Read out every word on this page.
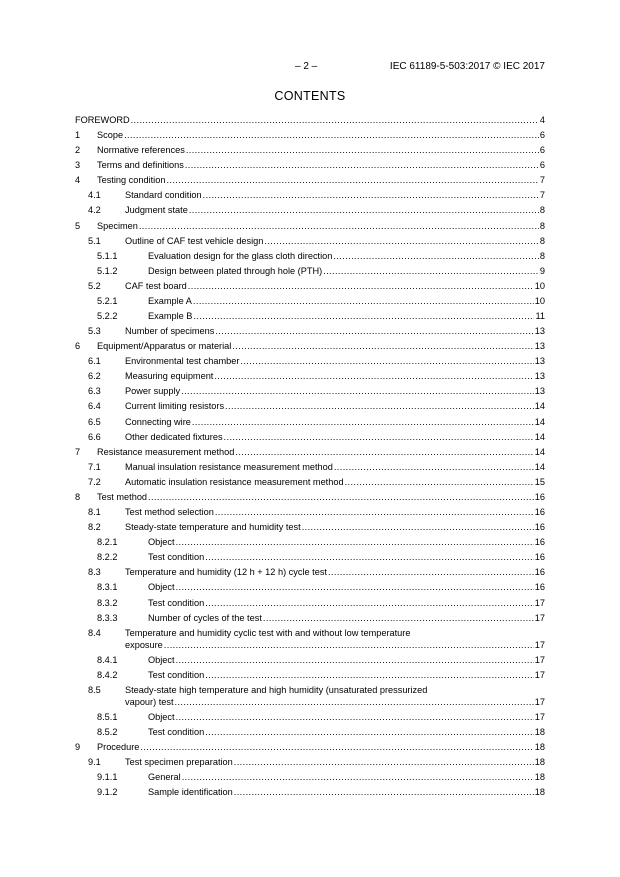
– 2 –	IEC 61189-5-503:2017 © IEC 2017
CONTENTS
FOREWORD .....	4
1 Scope .....	6
2 Normative references .....	6
3 Terms and definitions .....	6
4 Testing condition .....	7
4.1	Standard condition .....	7
4.2	Judgment state .....	8
5 Specimen .....	8
5.1	Outline of CAF test vehicle design .....	8
5.1.1	Evaluation design for the glass cloth direction .....	8
5.1.2	Design between plated through hole (PTH) .....	9
5.2	CAF test board .....	10
5.2.1	Example A .....	10
5.2.2	Example B .....	11
5.3	Number of specimens .....	13
6 Equipment/Apparatus or material .....	13
6.1	Environmental test chamber .....	13
6.2	Measuring equipment .....	13
6.3	Power supply .....	13
6.4	Current limiting resistors .....	14
6.5	Connecting wire .....	14
6.6	Other dedicated fixtures .....	14
7 Resistance measurement method .....	14
7.1	Manual insulation resistance measurement method .....	14
7.2	Automatic insulation resistance measurement method .....	15
8 Test method .....	16
8.1	Test method selection .....	16
8.2	Steady-state temperature and humidity test .....	16
8.2.1	Object .....	16
8.2.2	Test condition .....	16
8.3	Temperature and humidity (12 h + 12 h) cycle test .....	16
8.3.1	Object .....	16
8.3.2	Test condition .....	17
8.3.3	Number of cycles of the test .....	17
8.4	Temperature and humidity cyclic test with and without low temperature
exposure .....	17
8.4.1	Object .....	17
8.4.2	Test condition .....	17
8.5	Steady-state high temperature and high humidity (unsaturated pressurized
vapour) test .....	17
8.5.1	Object .....	17
8.5.2	Test condition .....	18
9 Procedure .....	18
9.1	Test specimen preparation .....	18
9.1.1	General .....	18
9.1.2	Sample identification .....	18
